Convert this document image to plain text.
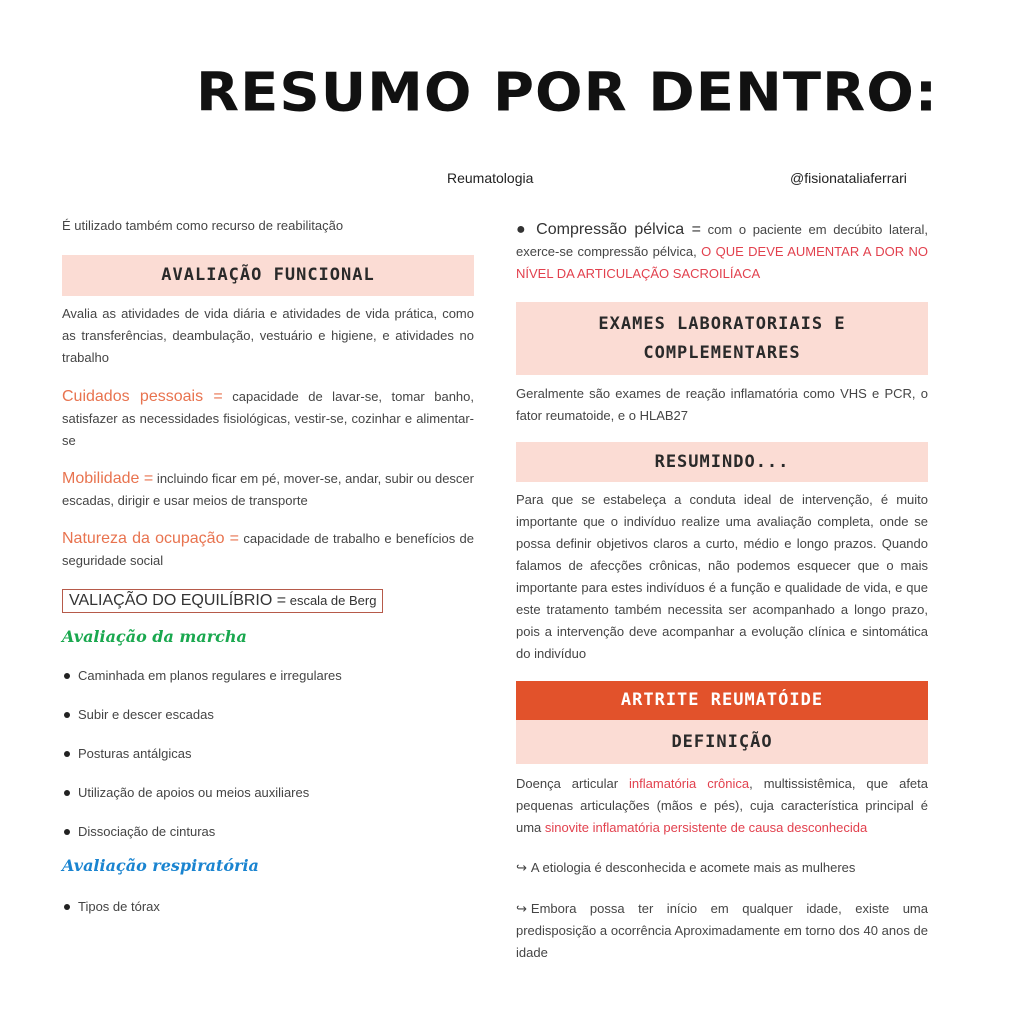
RESUMO POR DENTRO:
Reumatologia	@fisionataliaferrari
É utilizado também como recurso de reabilitação
AVALIAÇÃO FUNCIONAL
Avalia as atividades de vida diária e atividades de vida prática, como as transferências, deambulação, vestuário e higiene, e atividades no trabalho
Cuidados pessoais = capacidade de lavar-se, tomar banho, satisfazer as necessidades fisiológicas, vestir-se, cozinhar e alimentar-se
Mobilidade = incluindo ficar em pé, mover-se, andar, subir ou descer escadas, dirigir e usar meios de transporte
Natureza da ocupação = capacidade de trabalho e benefícios de seguridade social
VALIAÇÃO DO EQUILÍBRIO = escala de Berg
Avaliação da marcha
Caminhada em planos regulares e irregulares
Subir e descer escadas
Posturas antálgicas
Utilização de apoios ou meios auxiliares
Dissociação de cinturas
Avaliação respiratória
Tipos de tórax
● Compressão pélvica = com o paciente em decúbito lateral, exerce-se compressão pélvica, O QUE DEVE AUMENTAR A DOR NO NÍVEL DA ARTICULAÇÃO SACROILÍACA
EXAMES LABORATORIAIS E
COMPLEMENTARES
Geralmente são exames de reação inflamatória como VHS e PCR, o fator reumatoide, e o HLAB27
RESUMINDO...
Para que se estabeleça a conduta ideal de intervenção, é muito importante que o indivíduo realize uma avaliação completa, onde se possa definir objetivos claros a curto, médio e longo prazos. Quando falamos de afecções crônicas, não podemos esquecer que o mais importante para estes indivíduos é a função e qualidade de vida, e que este tratamento também necessita ser acompanhado a longo prazo, pois a intervenção deve acompanhar a evolução clínica e sintomática do indivíduo
ARTRITE REUMATÓIDE
DEFINIÇÃO
Doença articular inflamatória crônica, multissistêmica, que afeta pequenas articulações (mãos e pés), cuja característica principal é uma sinovite inflamatória persistente de causa desconhecida
↪ A etiologia é desconhecida e acomete mais as mulheres
↪ Embora possa ter início em qualquer idade, existe uma predisposição a ocorrência Aproximadamente em torno dos 40 anos de idade
